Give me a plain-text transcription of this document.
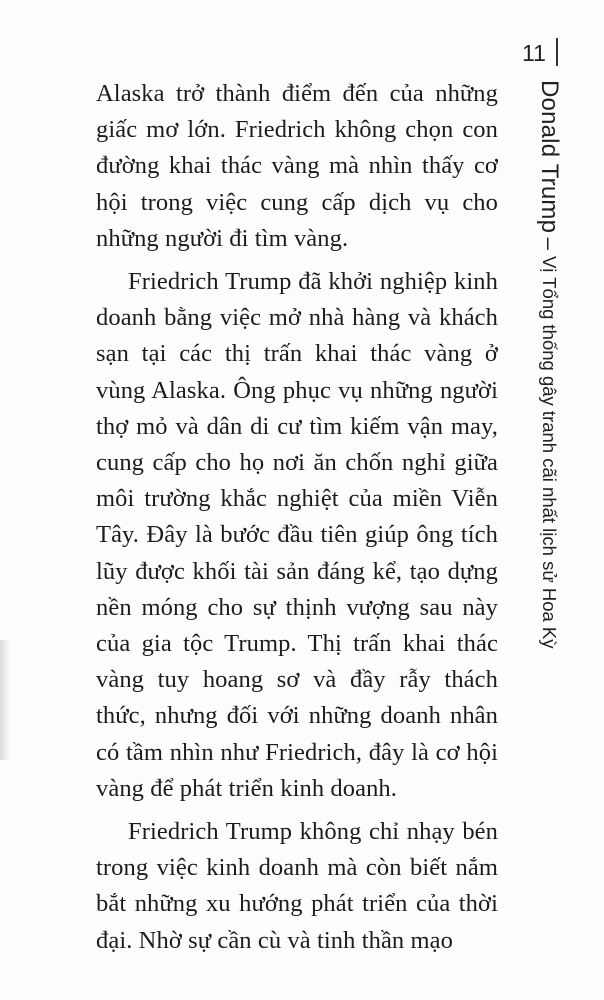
11
Donald Trump – Vị Tổng thống gây tranh cãi nhất lịch sử Hoa Kỳ

Alaska trở thành điểm đến của những giấc mơ lớn. Friedrich không chọn con đường khai thác vàng mà nhìn thấy cơ hội trong việc cung cấp dịch vụ cho những người đi tìm vàng.

Friedrich Trump đã khởi nghiệp kinh doanh bằng việc mở nhà hàng và khách sạn tại các thị trấn khai thác vàng ở vùng Alaska. Ông phục vụ những người thợ mỏ và dân di cư tìm kiếm vận may, cung cấp cho họ nơi ăn chốn nghỉ giữa môi trường khắc nghiệt của miền Viễn Tây. Đây là bước đầu tiên giúp ông tích lũy được khối tài sản đáng kể, tạo dựng nền móng cho sự thịnh vượng sau này của gia tộc Trump. Thị trấn khai thác vàng tuy hoang sơ và đầy rẫy thách thức, nhưng đối với những doanh nhân có tầm nhìn như Friedrich, đây là cơ hội vàng để phát triển kinh doanh.

Friedrich Trump không chỉ nhạy bén trong việc kinh doanh mà còn biết nắm bắt những xu hướng phát triển của thời đại. Nhờ sự cần cù và tinh thần mạo
